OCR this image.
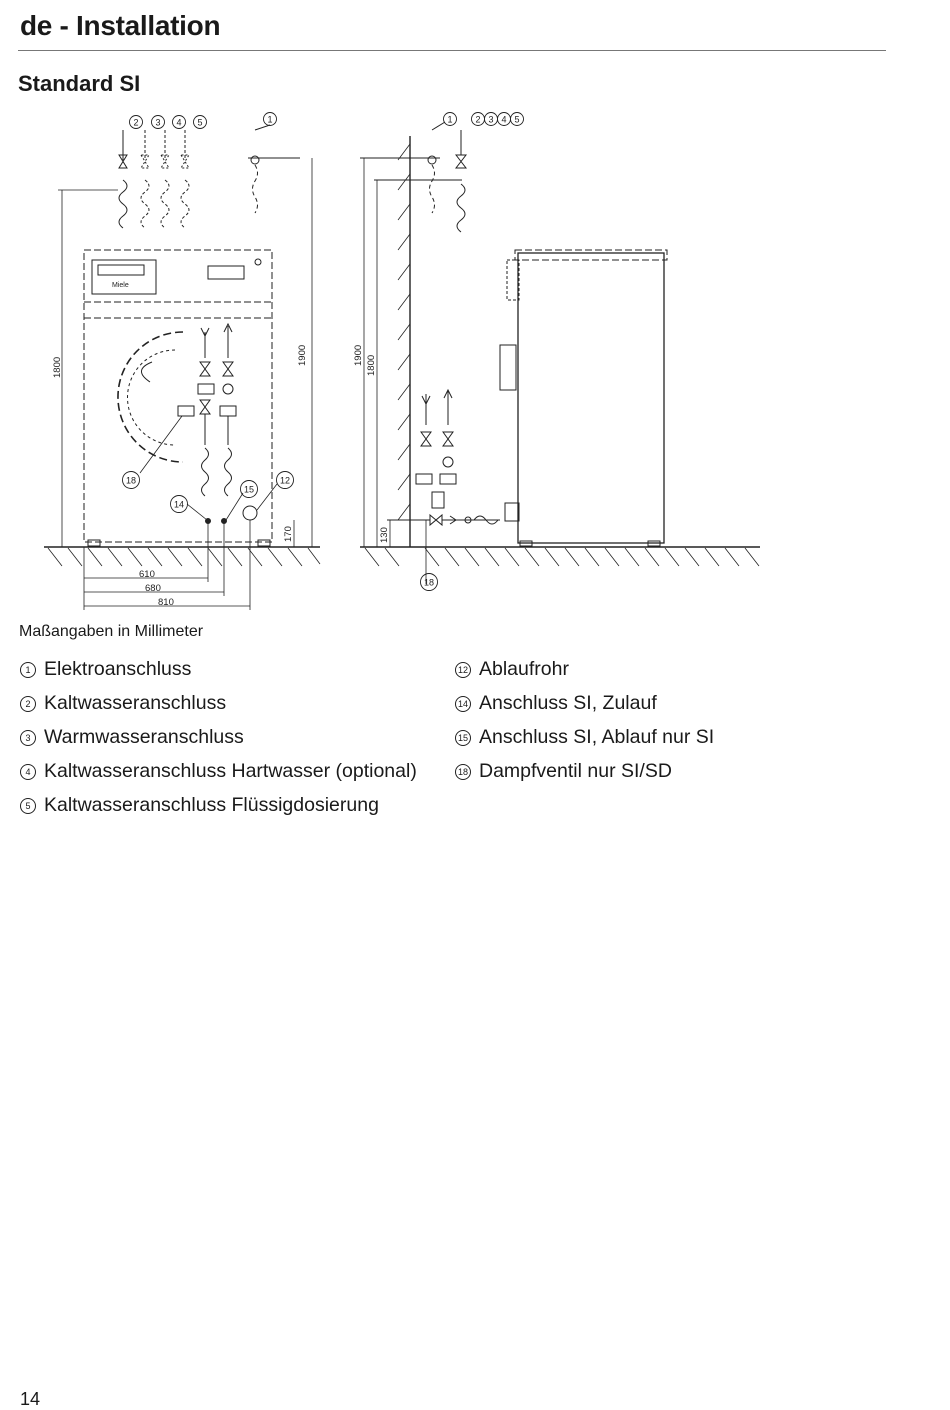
de - Installation
Standard SI
Miele
2 3 4 5	1
18
14
15
12
1	2 3 4 5
18
1800
1900
170
610
680
810
1900 1800
130
Maßangaben in Millimeter
1 Elektroanschluss
2 Kaltwasseranschluss
3 Warmwasseranschluss
4 Kaltwasseranschluss Hartwasser (optional)
5 Kaltwasseranschluss Flüssigdosierung
12 Ablaufrohr
14 Anschluss SI, Zulauf
15 Anschluss SI, Ablauf nur SI
18 Dampfventil nur SI/SD
14
